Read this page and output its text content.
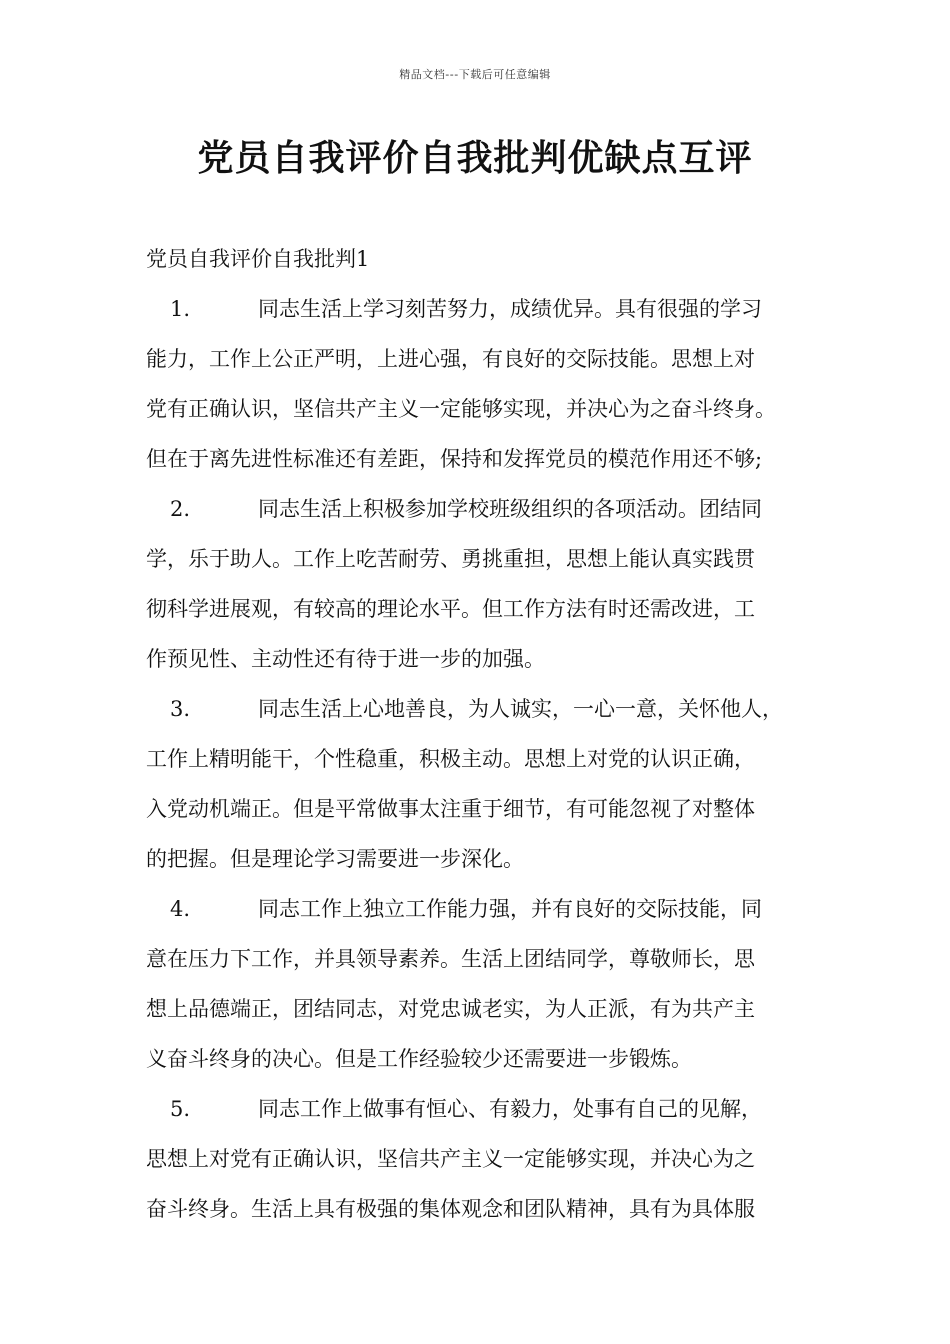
精品文档---下载后可任意编辑
党员自我评价自我批判优缺点互评
党员自我评价自我批判1
1.	同志生活上学习刻苦努力，成绩优异。具有很强的学习
能力，工作上公正严明，上进心强，有良好的交际技能。思想上对
党有正确认识，坚信共产主义一定能够实现，并决心为之奋斗终身。
但在于离先进性标准还有差距，保持和发挥党员的模范作用还不够;
2.	同志生活上积极参加学校班级组织的各项活动。团结同
学，乐于助人。工作上吃苦耐劳、勇挑重担，思想上能认真实践贯
彻科学进展观，有较高的理论水平。但工作方法有时还需改进，工
作预见性、主动性还有待于进一步的加强。
3.	同志生活上心地善良，为人诚实，一心一意，关怀他人，
工作上精明能干，个性稳重，积极主动。思想上对党的认识正确，
入党动机端正。但是平常做事太注重于细节，有可能忽视了对整体
的把握。但是理论学习需要进一步深化。
4.	同志工作上独立工作能力强，并有良好的交际技能，同
意在压力下工作，并具领导素养。生活上团结同学，尊敬师长，思
想上品德端正，团结同志，对党忠诚老实，为人正派，有为共产主
义奋斗终身的决心。但是工作经验较少还需要进一步锻炼。
5.	同志工作上做事有恒心、有毅力，处事有自己的见解，
思想上对党有正确认识，坚信共产主义一定能够实现，并决心为之
奋斗终身。生活上具有极强的集体观念和团队精神，具有为具体服
